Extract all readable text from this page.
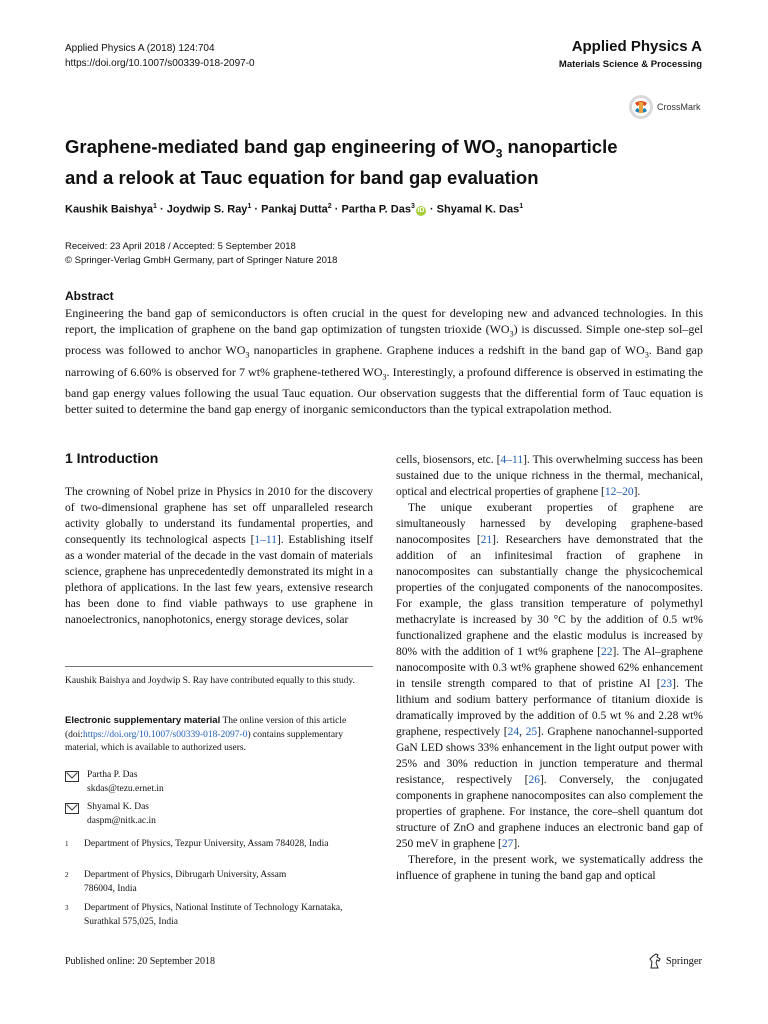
Applied Physics A (2018) 124:704
https://doi.org/10.1007/s00339-018-2097-0
Applied Physics A
Materials Science & Processing
CrossMark
Graphene-mediated band gap engineering of $WO_3$ nanoparticle
and a relook at Tauc equation for band gap evaluation
Kaushik Baishya$^1$ · Joydwip S. Ray$^1$ · Pankaj Dutta$^2$ · Partha P. Das$^3$iD · Shyamal K. Das$^1$
Received: 23 April 2018 / Accepted: 5 September 2018
© Springer-Verlag GmbH Germany, part of Springer Nature 2018
Abstract
Engineering the band gap of semiconductors is often crucial in the quest for developing new and advanced technologies. In this report, the implication of graphene on the band gap optimization of tungsten trioxide $(WO_3)$ is discussed. Simple one-step sol–gel process was followed to anchor $WO_3$ nanoparticles in graphene. Graphene induces a redshift in the band gap of $WO_3$. Band gap narrowing of 6.60% is observed for 7 wt% graphene-tethered $WO_3$. Interestingly, a profound difference is observed in estimating the band gap energy values following the usual Tauc equation. Our observation suggests that the differential form of Tauc equation is better suited to determine the band gap energy of inorganic semiconductors than the typical extrapolation method.
1 Introduction

The crowning of Nobel prize in Physics in 2010 for the discovery of two-dimensional graphene has set off unparalleled research activity globally to understand its fundamental properties, and consequently its technological aspects [1–11]. Establishing itself as a wonder material of the decade in the vast domain of materials science, graphene has unprecedentedly demonstrated its might in a plethora of applications. In the last few years, extensive research has been done to find viable pathways to use graphene in nanoelectronics, nanophotonics, energy storage devices, solar

cells, biosensors, etc. [4–11]. This overwhelming success has been sustained due to the unique richness in the thermal, mechanical, optical and electrical properties of graphene [12–20].

The unique exuberant properties of graphene are simultaneously harnessed by developing graphene-based nanocomposites [21]. Researchers have demonstrated that the addition of an infinitesimal fraction of graphene in nanocomposites can substantially change the physicochemical properties of the conjugated components of the nanocomposites. For example, the glass transition temperature of polymethyl methacrylate is increased by 30 °C by the addition of 0.5 wt% functionalized graphene and the elastic modulus is increased by 80% with the addition of 1 wt% graphene [22]. The Al–graphene nanocomposite with 0.3 wt% graphene showed 62% enhancement in tensile strength compared to that of pristine Al [23]. The lithium and sodium battery performance of titanium dioxide is dramatically improved by the addition of 0.5 wt % and 2.28 wt% graphene, respectively [24, 25]. Graphene nanochannel-supported GaN LED shows 33% enhancement in the light output power with 25% and 30% reduction in junction temperature and thermal resistance, respectively [26]. Conversely, the conjugated components in graphene nanocomposites can also complement the properties of graphene. For instance, the core–shell quantum dot structure of ZnO and graphene induces an electronic band gap of 250 meV in graphene [27].

Therefore, in the present work, we systematically address the influence of graphene in tuning the band gap and optical

Kaushik Baishya and Joydwip S. Ray have contributed equally to this study.
Electronic supplementary material The online version of this article (doi:https://doi.org/10.1007/s00339-018-2097-0) contains supplementary material, which is available to authorized users.
Partha P. Das
skdas@tezu.ernet.in
Shyamal K. Das
daspm@nitk.ac.in
1	Department of Physics, Tezpur University, Assam 784028, India
2	Department of Physics, Dibrugarh University, Assam 786004, India
3	Department of Physics, National Institute of Technology Karnataka, Surathkal 575,025, India
Published online: 20 September 2018	Springer
